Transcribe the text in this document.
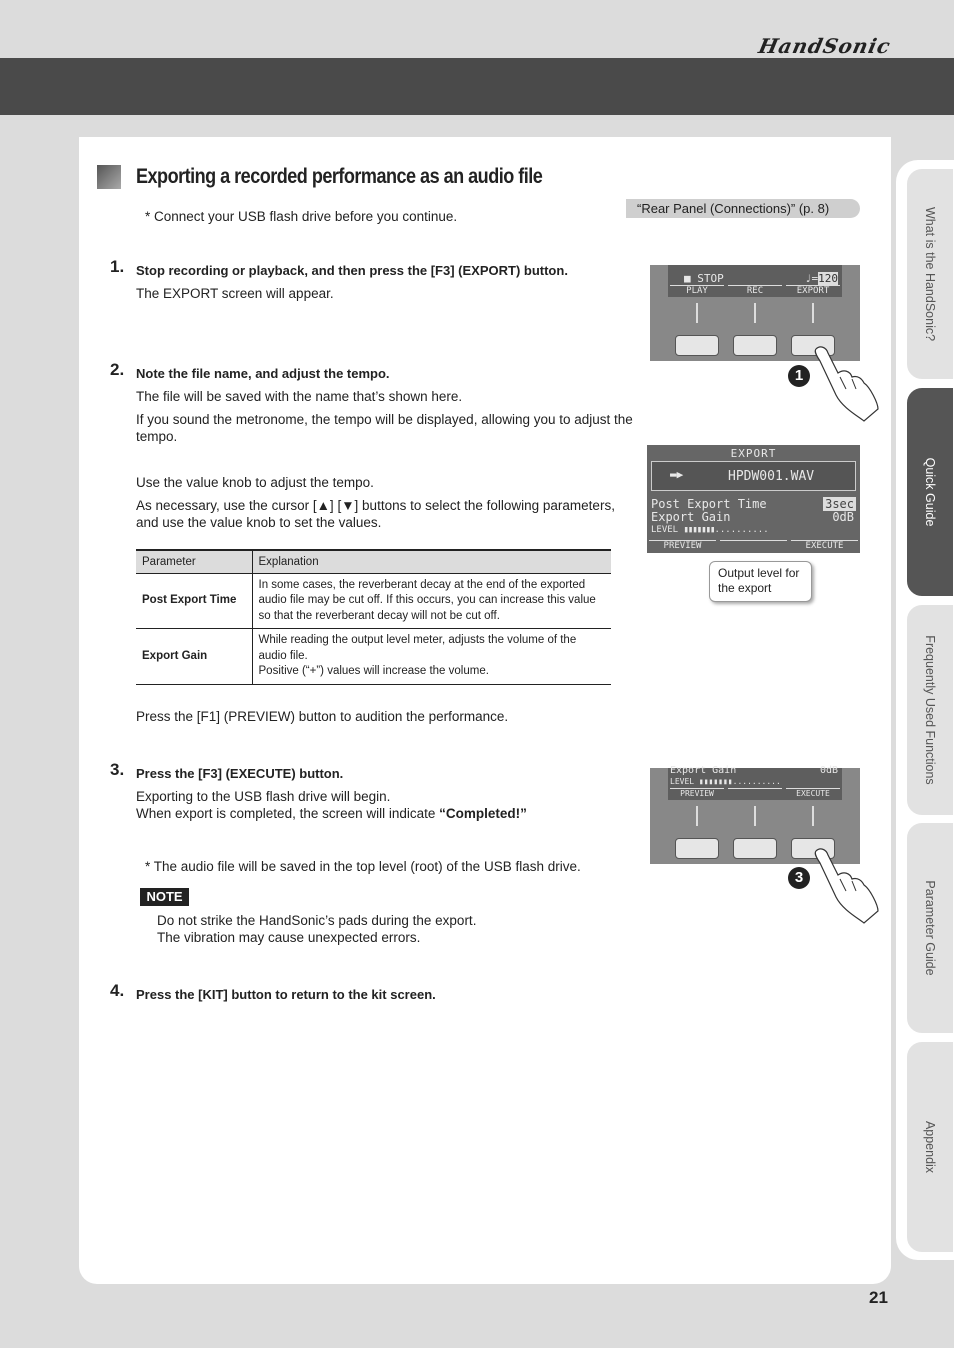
HandSonic
What is the HandSonic?
Quick Guide
Frequently Used Functions
Parameter Guide
Appendix
Exporting a recorded performance as an audio file
“Rear Panel (Connections)” (p. 8)
* Connect your USB flash drive before you continue.
1. Stop recording or playback, and then press the [F3] (EXPORT) button.
The EXPORT screen will appear.
2. Note the file name, and adjust the tempo.
The file will be saved with the name that’s shown here.
If you sound the metronome, the tempo will be displayed, allowing you to adjust the tempo.
Use the value knob to adjust the tempo.
As necessary, use the cursor [▲] [▼] buttons to select the following parameters, and use the value knob to set the values.
Parameter	Explanation
Post Export Time	In some cases, the reverberant decay at the end of the exported audio file may be cut off. If this occurs, you can increase this value so that the reverberant decay will not be cut off.
Export Gain	While reading the output level meter, adjusts the volume of the audio file.
Positive (“+”) values will increase the volume.
Press the [F1] (PREVIEW) button to audition the performance.
3. Press the [F3] (EXECUTE) button.
Exporting to the USB flash drive will begin.
When export is completed, the screen will indicate “Completed!”
* The audio file will be saved in the top level (root) of the USB flash drive.
NOTE
Do not strike the HandSonic’s pads during the export.
The vibration may cause unexpected errors.
4. Press the [KIT] button to return to the kit screen.
■ STOP	♩=120
PLAY	REC	EXPORT
1
EXPORT
▬▶	HPDW001.WAV
Post Export Time	3sec
Export Gain	0dB
LEVEL ▮▮▮▮▮▮▮..........
PREVIEW	EXECUTE
Output level for the export
Export Gain	0dB
LEVEL ▮▮▮▮▮▮▮..........
PREVIEW	EXECUTE
3
21
